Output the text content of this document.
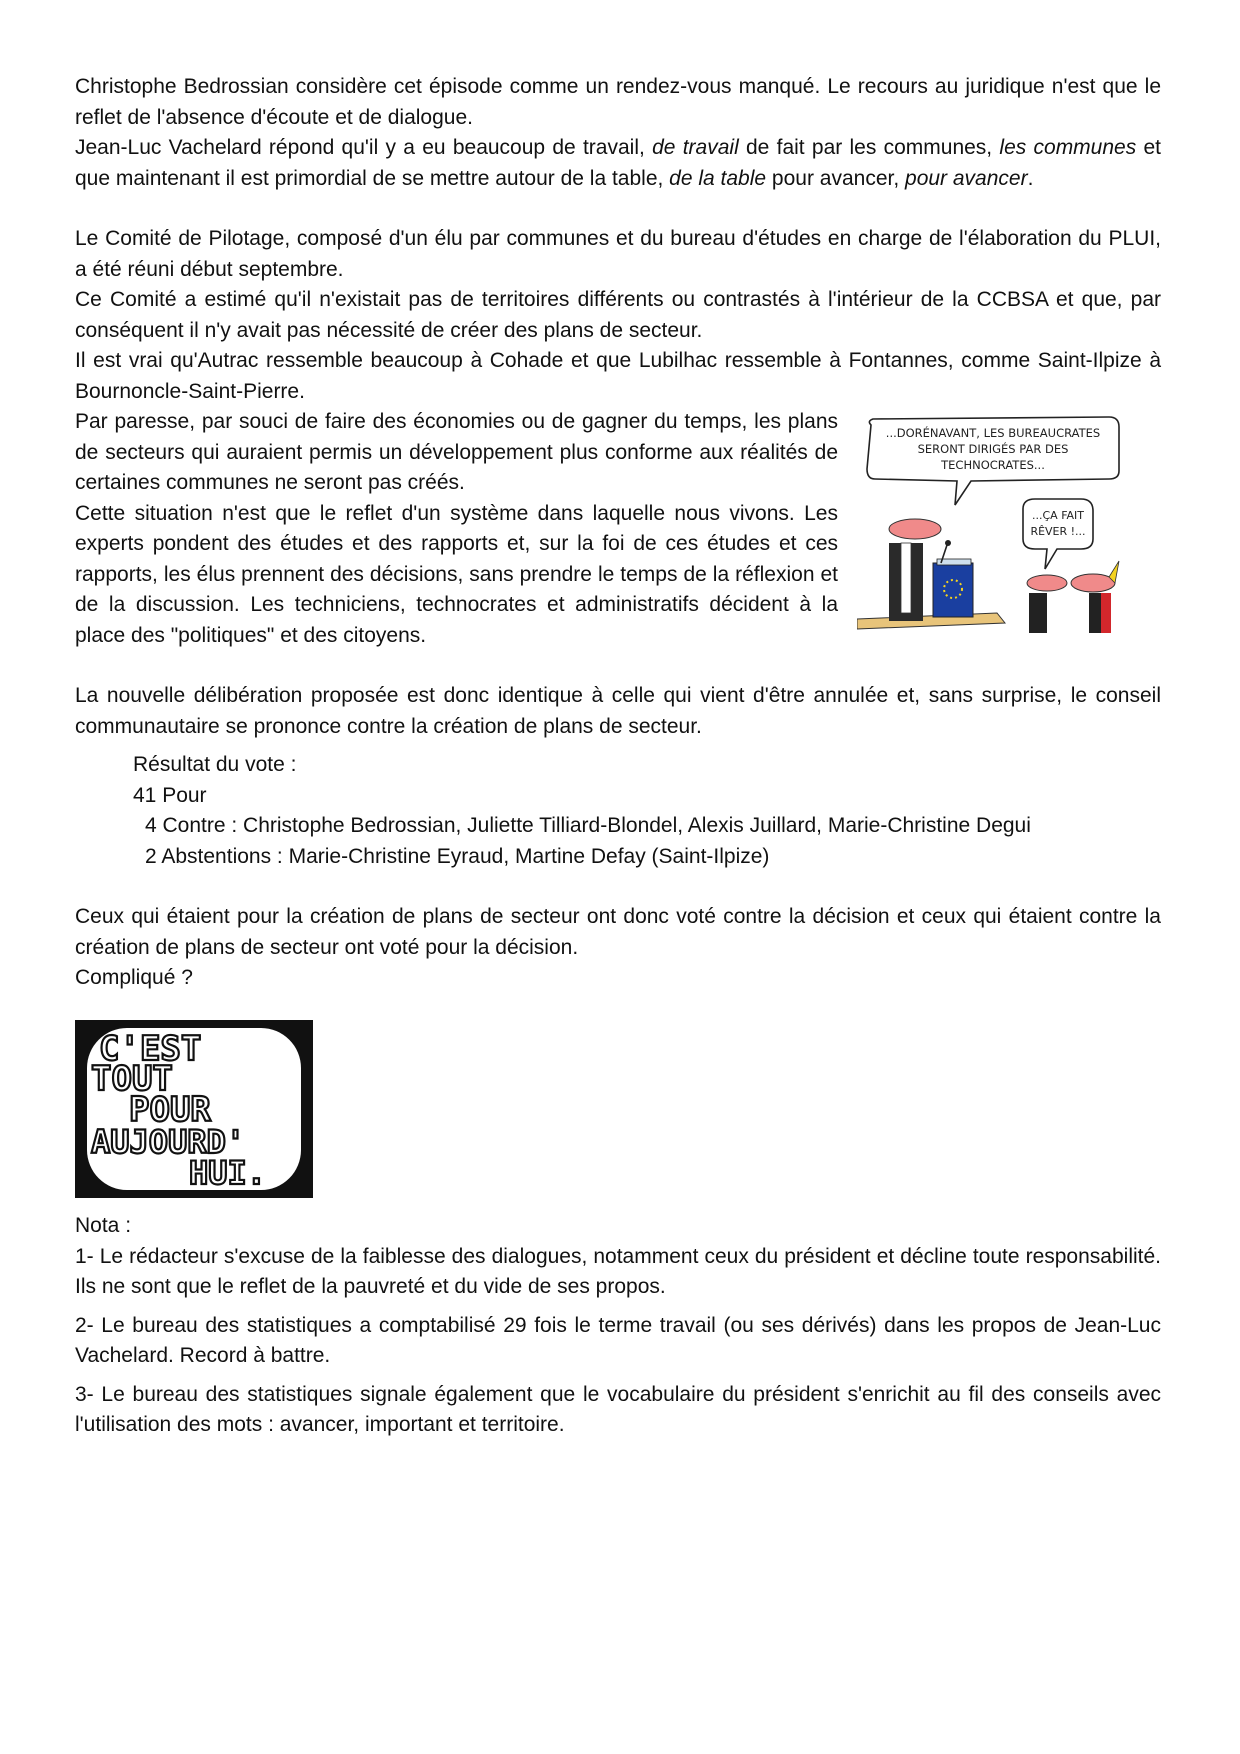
Christophe Bedrossian considère cet épisode comme un rendez-vous manqué. Le recours au juridique n'est que le reflet de l'absence d'écoute et de dialogue.

Jean-Luc Vachelard répond qu'il y a eu beaucoup de travail, de travail de fait par les communes, les communes et que maintenant il est primordial de se mettre autour de la table, de la table pour avancer, pour avancer.

Le Comité de Pilotage, composé d'un élu par communes et du bureau d'études en charge de l'élaboration du PLUI, a été réuni début septembre.

Ce Comité a estimé qu'il n'existait pas de territoires différents ou contrastés à l'intérieur de la CCBSA et que, par conséquent il n'y avait pas nécessité de créer des plans de secteur.

Il est vrai qu'Autrac ressemble beaucoup à Cohade et que Lubilhac ressemble à Fontannes, comme Saint-Ilpize à Bournoncle-Saint-Pierre.

Par paresse, par souci de faire des économies ou de gagner du temps, les plans de secteurs qui auraient permis un développement plus conforme aux réalités de certaines communes ne seront pas créés.

Cette situation n'est que le reflet d'un système dans laquelle nous vivons. Les experts pondent des études et des rapports et, sur la foi de ces études et ces rapports, les élus prennent des décisions, sans prendre le temps de la réflexion et de la discussion. Les techniciens, technocrates et administratifs décident à la place des "politiques" et des citoyens.

...DORÉNAVANT, LES BUREAUCRATES
SERONT DIRIGÉS PAR DES
TECHNOCRATES...
...ÇA FAIT
RÊVER !...

La nouvelle délibération proposée est donc identique à celle qui vient d'être annulée et, sans surprise, le conseil communautaire se prononce contre la création de plans de secteur.

Résultat du vote :
41 Pour
4 Contre : Christophe Bedrossian, Juliette Tilliard-Blondel, Alexis Juillard, Marie-Christine Degui
2 Abstentions : Marie-Christine Eyraud, Martine Defay (Saint-Ilpize)

Ceux qui étaient pour la création de plans de secteur ont donc voté contre la décision et ceux qui étaient contre la création de plans de secteur ont voté pour la décision.

Compliqué ?

C'EST
TOUT
POUR
AUJOURD'
HUI.

Nota :

1- Le rédacteur s'excuse de la faiblesse des dialogues, notamment ceux du président et décline toute responsabilité. Ils ne sont que le reflet de la pauvreté et du vide de ses propos.

2- Le bureau des statistiques a comptabilisé 29 fois le terme travail (ou ses dérivés) dans les propos de Jean-Luc Vachelard. Record à battre.

3- Le bureau des statistiques signale également que le vocabulaire du président s'enrichit au fil des conseils avec l'utilisation des mots : avancer, important et territoire.
